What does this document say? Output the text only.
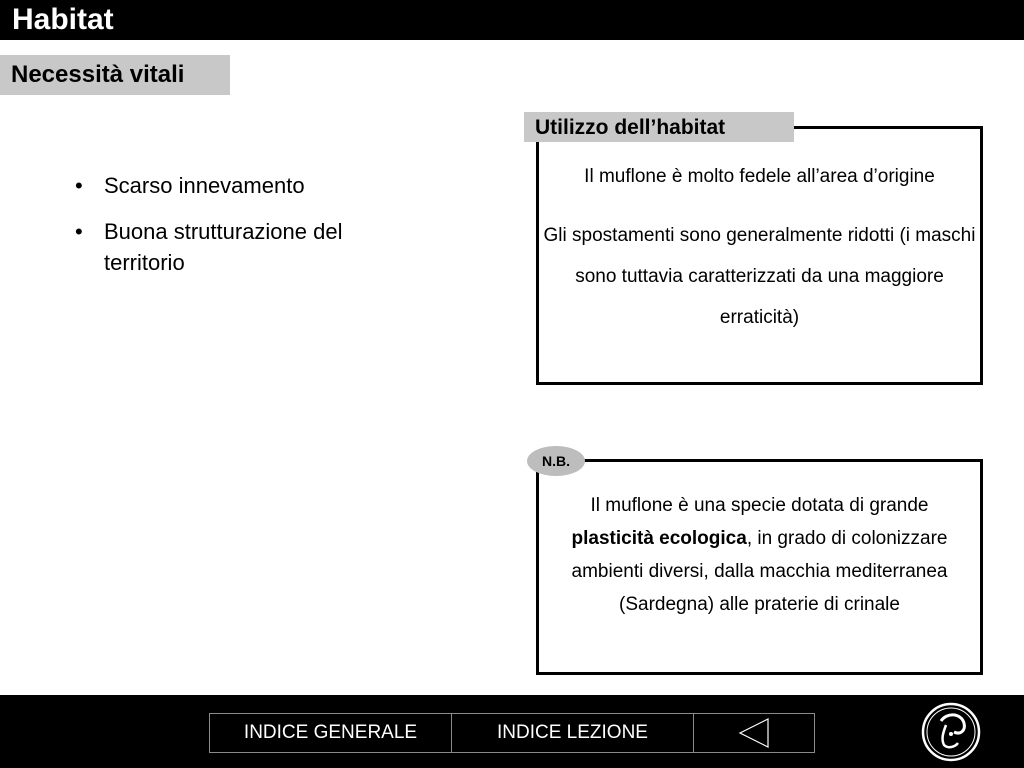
Habitat
Necessità vitali
• Scarso innevamento
• Buona strutturazione del territorio
Il muflone è molto fedele all’area d’origine
Gli spostamenti sono generalmente ridotti (i maschi sono tuttavia caratterizzati da una maggiore erraticità)
Utilizzo dell’habitat
Il muflone è una specie dotata di grande plasticità ecologica, in grado di colonizzare ambienti diversi, dalla macchia mediterranea (Sardegna) alle praterie di crinale
N.B.
INDICE GENERALE	INDICE LEZIONE
